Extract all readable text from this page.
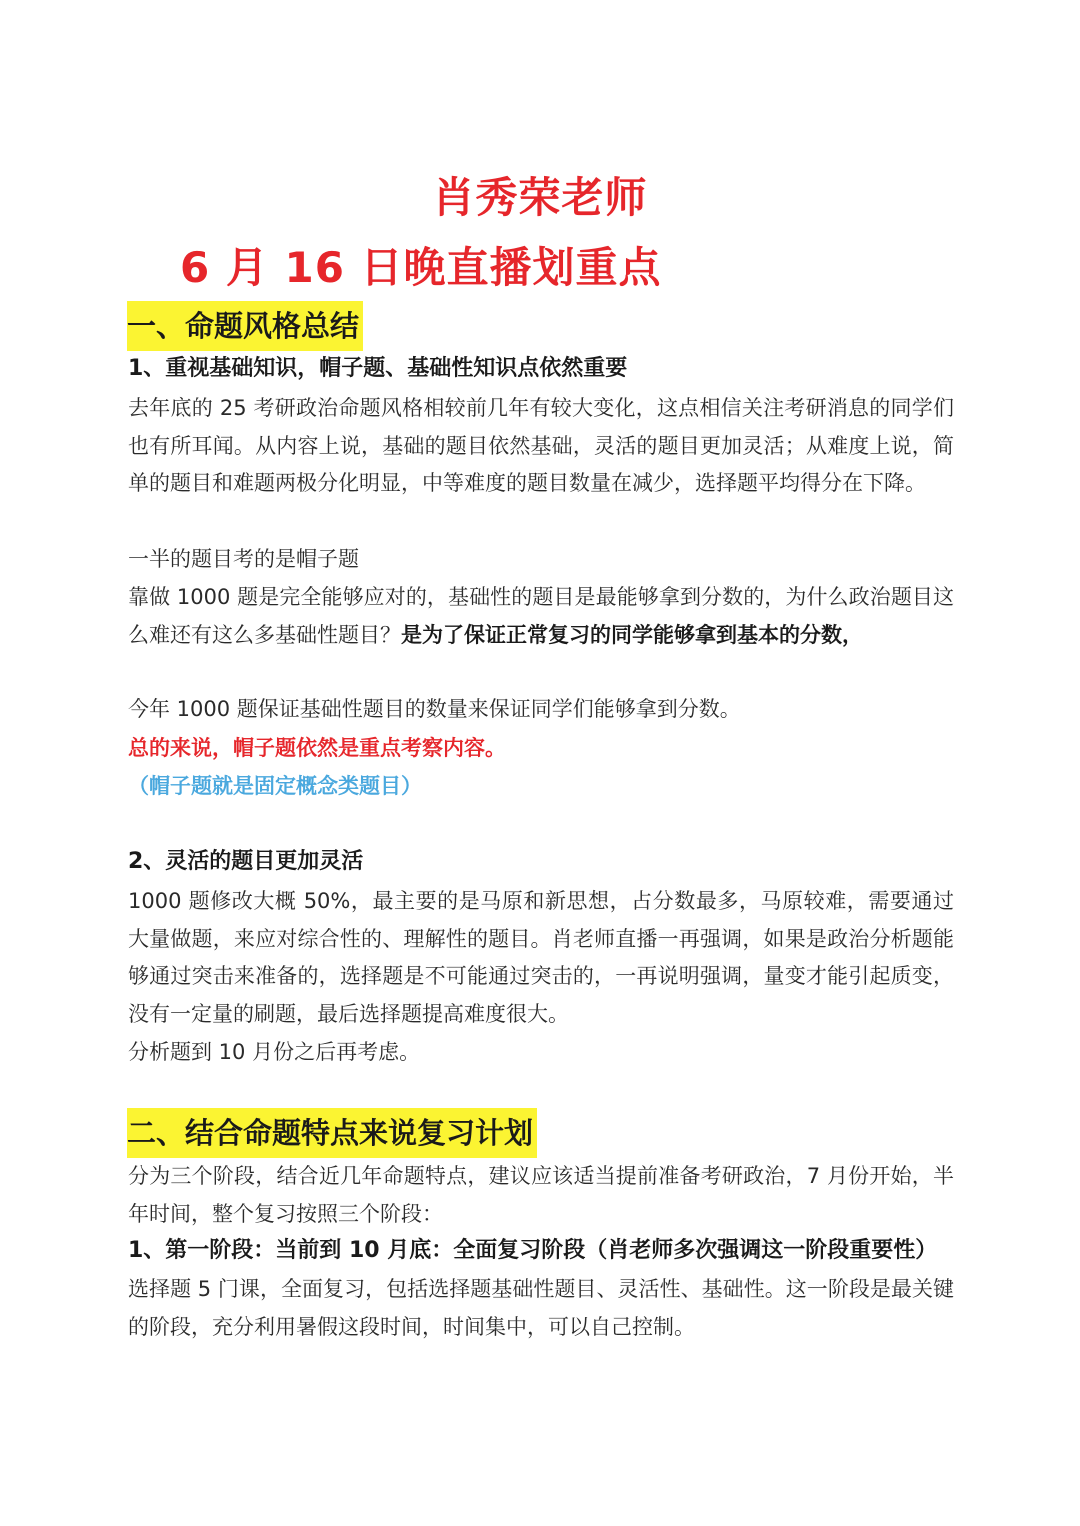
肖秀荣老师
6 月 16 日晚直播划重点
一、命题风格总结
1、重视基础知识，帽子题、基础性知识点依然重要
去年底的 25 考研政治命题风格相较前几年有较大变化，这点相信关注考研消息的同学们也有所耳闻。从内容上说，基础的题目依然基础，灵活的题目更加灵活；从难度上说，简单的题目和难题两极分化明显，中等难度的题目数量在减少，选择题平均得分在下降。
一半的题目考的是帽子题
靠做 1000 题是完全能够应对的，基础性的题目是最能够拿到分数的，为什么政治题目这么难还有这么多基础性题目？是为了保证正常复习的同学能够拿到基本的分数，
今年 1000 题保证基础性题目的数量来保证同学们能够拿到分数。
总的来说，帽子题依然是重点考察内容。
（帽子题就是固定概念类题目）
2、灵活的题目更加灵活
1000 题修改大概 50%，最主要的是马原和新思想，占分数最多，马原较难，需要通过大量做题，来应对综合性的、理解性的题目。肖老师直播一再强调，如果是政治分析题能够通过突击来准备的，选择题是不可能通过突击的，一再说明强调，量变才能引起质变，没有一定量的刷题，最后选择题提高难度很大。
分析题到 10 月份之后再考虑。
二、结合命题特点来说复习计划
分为三个阶段，结合近几年命题特点，建议应该适当提前准备考研政治，7 月份开始，半年时间，整个复习按照三个阶段：
1、第一阶段：当前到 10 月底：全面复习阶段（肖老师多次强调这一阶段重要性）
选择题 5 门课，全面复习，包括选择题基础性题目、灵活性、基础性。这一阶段是最关键的阶段，充分利用暑假这段时间，时间集中，可以自己控制。
